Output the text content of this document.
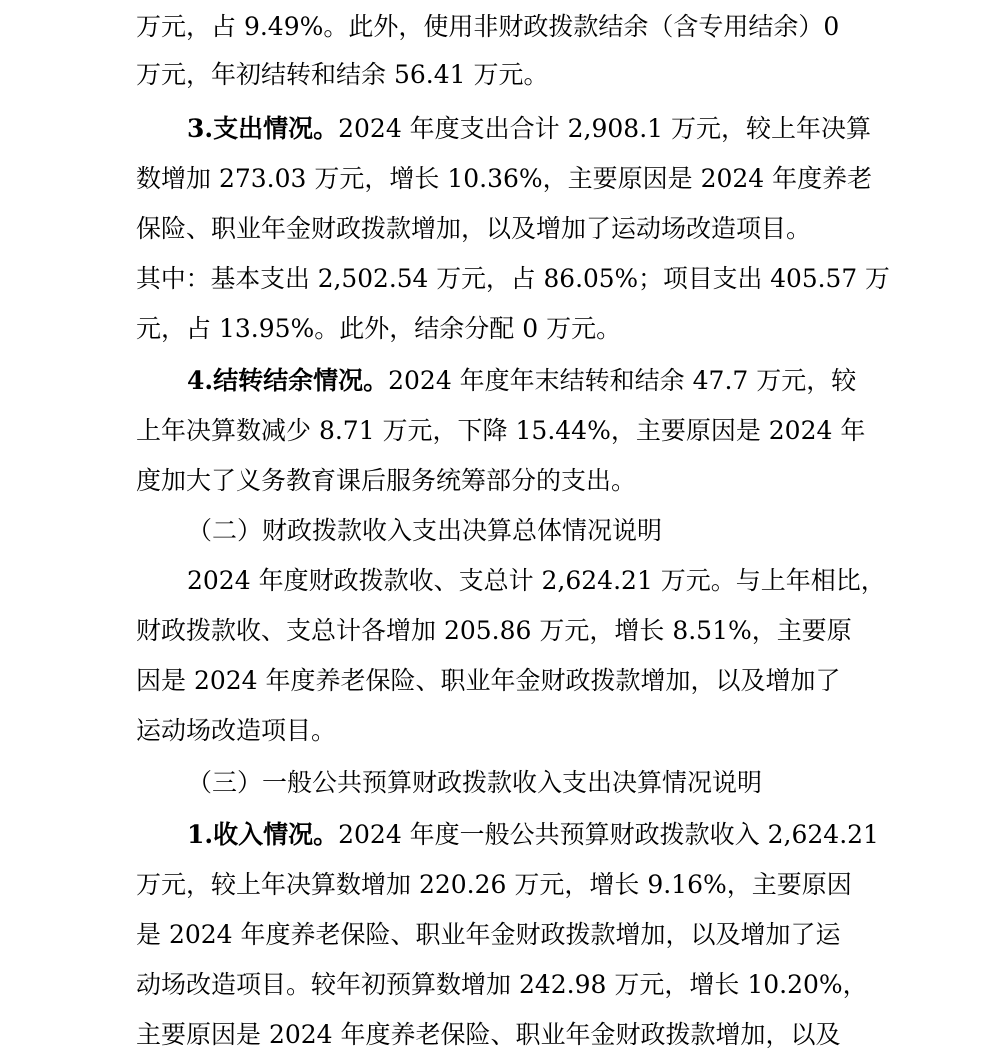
万元，占 9.49%。此外，使用非财政拨款结余（含专用结余）0
万元，年初结转和结余 56.41 万元。
3.支出情况。2024 年度支出合计 2,908.1 万元，较上年决算
数增加 273.03 万元，增长 10.36%，主要原因是 2024 年度养老
保险、职业年金财政拨款增加，以及增加了运动场改造项目。
其中：基本支出 2,502.54 万元，占 86.05%；项目支出 405.57 万
元，占 13.95%。此外，结余分配 0 万元。
4.结转结余情况。2024 年度年末结转和结余 47.7 万元，较
上年决算数减少 8.71 万元，下降 15.44%，主要原因是 2024 年
度加大了义务教育课后服务统筹部分的支出。
（二）财政拨款收入支出决算总体情况说明
2024 年度财政拨款收、支总计 2,624.21 万元。与上年相比，
财政拨款收、支总计各增加 205.86 万元，增长 8.51%，主要原
因是 2024 年度养老保险、职业年金财政拨款增加，以及增加了
运动场改造项目。
（三）一般公共预算财政拨款收入支出决算情况说明
1.收入情况。2024 年度一般公共预算财政拨款收入 2,624.21
万元，较上年决算数增加 220.26 万元，增长 9.16%，主要原因
是 2024 年度养老保险、职业年金财政拨款增加，以及增加了运
动场改造项目。较年初预算数增加 242.98 万元，增长 10.20%，
主要原因是 2024 年度养老保险、职业年金财政拨款增加，以及
